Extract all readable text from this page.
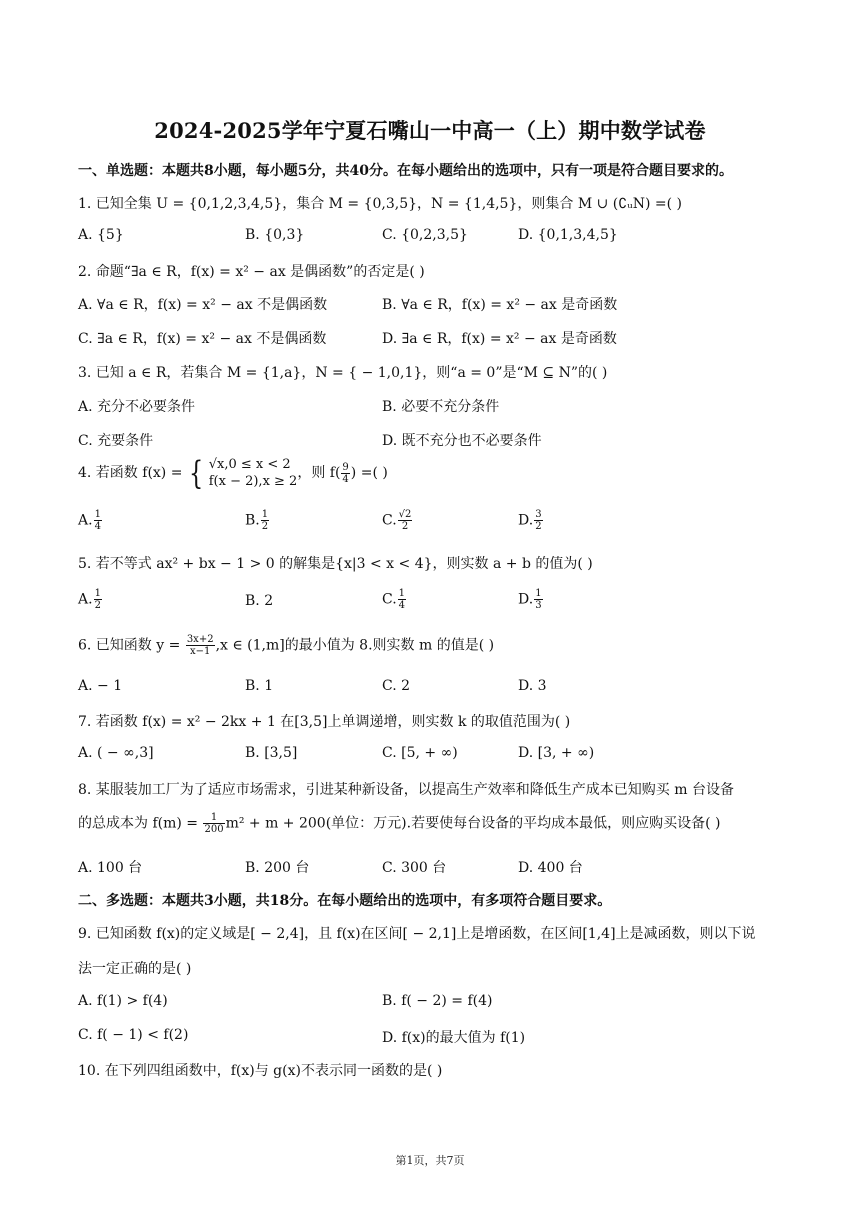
2024-2025学年宁夏石嘴山一中高一（上）期中数学试卷
一、单选题：本题共8小题，每小题5分，共40分。在每小题给出的选项中，只有一项是符合题目要求的。
1. 已知全集 U = {0,1,2,3,4,5}，集合 M = {0,3,5}，N = {1,4,5}，则集合 M ∪ (∁ᵤN) =( )
A. {5}	B. {0,3}	C. {0,2,3,5}	D. {0,1,3,4,5}
2. 命题“∃a ∈ R，f(x) = x² − ax 是偶函数”的否定是( )
A. ∀a ∈ R，f(x) = x² − ax 不是偶函数	B. ∀a ∈ R，f(x) = x² − ax 是奇函数
C. ∃a ∈ R，f(x) = x² − ax 不是偶函数	D. ∃a ∈ R，f(x) = x² − ax 是奇函数
3. 已知 a ∈ R，若集合 M = {1,a}，N = { − 1,0,1}，则“a = 0”是“M ⊆ N”的( )
A. 充分不必要条件	B. 必要不充分条件
C. 充要条件	D. 既不充分也不必要条件
4. 若函数 f(x) = { √x,0 ≤ x < 2
f(x − 2),x ≥ 2
，则 $f( \frac{9}{4}$ ) =( )
A. $\frac{1}{4}$	B. $\frac{1}{2}$	C. $\frac{√2}{2}$	D. $\frac{3}{2}$
5. 若不等式 ax² + bx − 1 > 0 的解集是{x|3 < x < 4}，则实数 a + b 的值为( )
A. $\frac{1}{2}$	B. 2	C. $\frac{1}{4}$	D. $\frac{1}{3}$
6. 已知函数 $y = \frac{3x+2}{x-1} ,x$ ∈ (1,m]的最小值为 8.则实数 m 的值是( )
A. − 1	B. 1	C. 2	D. 3
7. 若函数 f(x) = x² − 2kx + 1 在[3,5]上单调递增，则实数 k 的取值范围为( )
A. ( − ∞,3]	B. [3,5]	C. [5, + ∞)	D. [3, + ∞)
8. 某服装加工厂为了适应市场需求，引进某种新设备，以提高生产效率和降低生产成本已知购买 m 台设备
的总成本为 $f(m) = \frac{1}{200} m^2 + m + 200$(单位：万元).若要使每台设备的平均成本最低，则应购买设备( )
A. 100 台	B. 200 台	C. 300 台	D. 400 台
二、多选题：本题共3小题，共18分。在每小题给出的选项中，有多项符合题目要求。
9. 已知函数 f(x)的定义域是[ − 2,4]，且 f(x)在区间[ − 2,1]上是增函数，在区间[1,4]上是减函数，则以下说
法一定正确的是( )
A. f(1) > f(4)	B. f( − 2) = f(4)
C. f( − 1) < f(2)	D. f(x)的最大值为 f(1)
10. 在下列四组函数中，f(x)与 g(x)不表示同一函数的是( )
第1页，共7页
